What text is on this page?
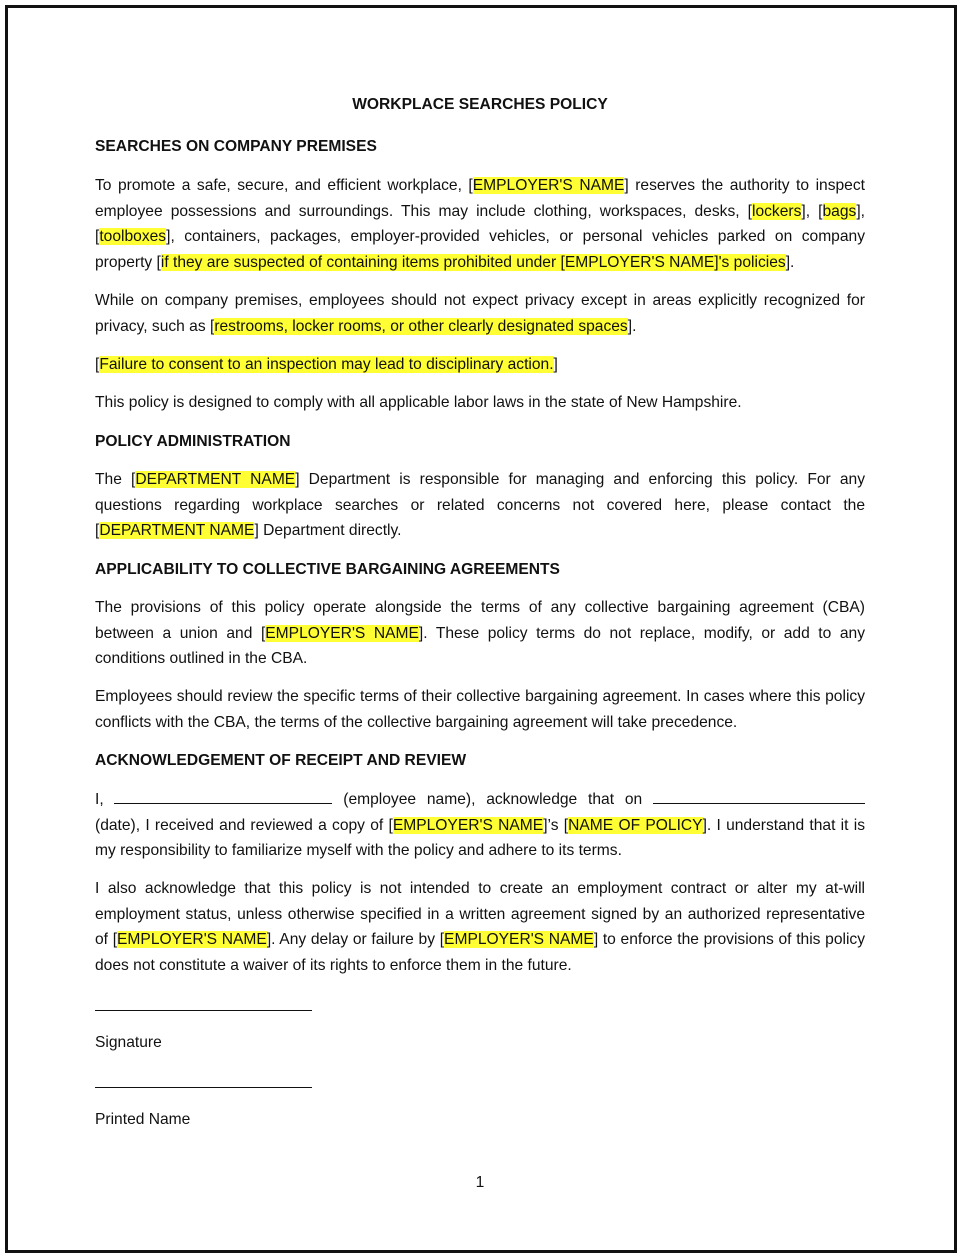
WORKPLACE SEARCHES POLICY
SEARCHES ON COMPANY PREMISES

To promote a safe, secure, and efficient workplace, [EMPLOYER'S NAME] reserves the authority to inspect employee possessions and surroundings. This may include clothing, workspaces, desks, [lockers], [bags], [toolboxes], containers, packages, employer-provided vehicles, or personal vehicles parked on company property [if they are suspected of containing items prohibited under [EMPLOYER'S NAME]'s policies].

While on company premises, employees should not expect privacy except in areas explicitly recognized for privacy, such as [restrooms, locker rooms, or other clearly designated spaces].

[Failure to consent to an inspection may lead to disciplinary action.]

This policy is designed to comply with all applicable labor laws in the state of New Hampshire.

POLICY ADMINISTRATION

The [DEPARTMENT NAME] Department is responsible for managing and enforcing this policy. For any questions regarding workplace searches or related concerns not covered here, please contact the [DEPARTMENT NAME] Department directly.

APPLICABILITY TO COLLECTIVE BARGAINING AGREEMENTS

The provisions of this policy operate alongside the terms of any collective bargaining agreement (CBA) between a union and [EMPLOYER'S NAME]. These policy terms do not replace, modify, or add to any conditions outlined in the CBA.

Employees should review the specific terms of their collective bargaining agreement. In cases where this policy conflicts with the CBA, the terms of the collective bargaining agreement will take precedence.

ACKNOWLEDGEMENT OF RECEIPT AND REVIEW

I,	(employee name), acknowledge that on  (date), I received and reviewed a copy of [EMPLOYER'S NAME]’s [NAME OF POLICY]. I understand that it is my responsibility to familiarize myself with the policy and adhere to its terms.

I also acknowledge that this policy is not intended to create an employment contract or alter my at-will employment status, unless otherwise specified in a written agreement signed by an authorized representative of [EMPLOYER'S NAME]. Any delay or failure by [EMPLOYER'S NAME] to enforce the provisions of this policy does not constitute a waiver of its rights to enforce them in the future.

Signature
Printed Name
1
